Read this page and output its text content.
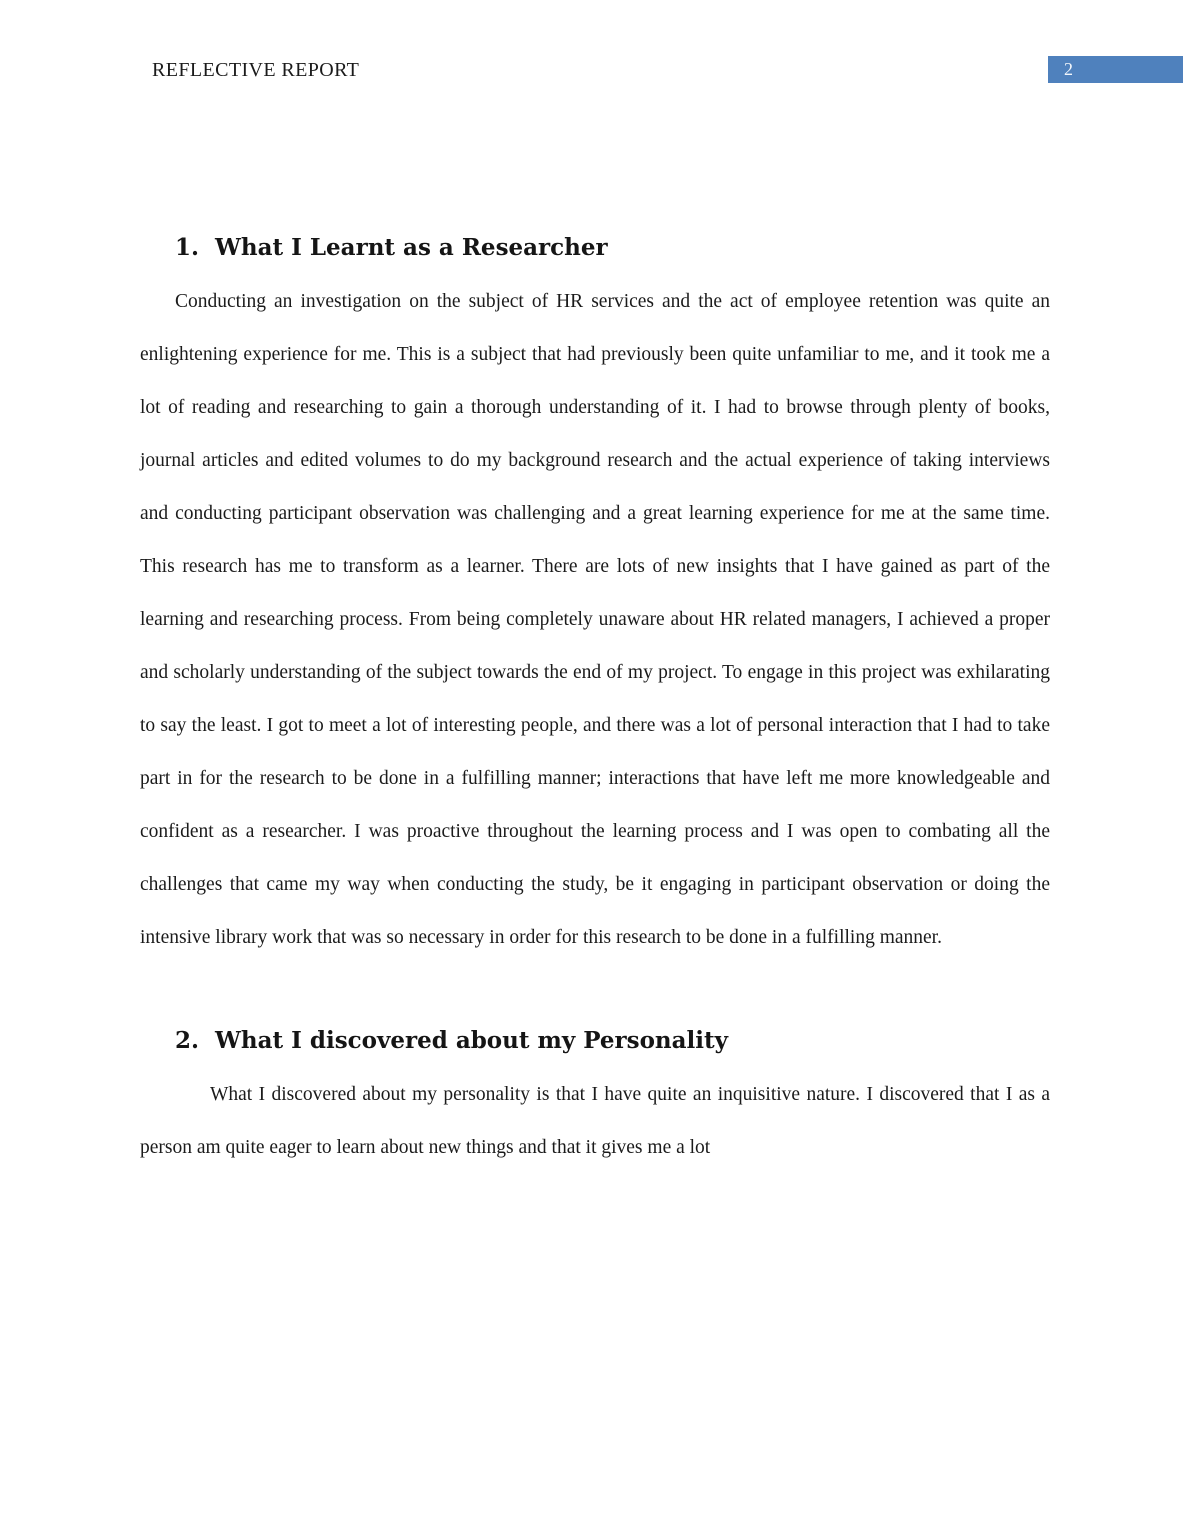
REFLECTIVE REPORT	2
1. What I Learnt as a Researcher

Conducting an investigation on the subject of HR services and the act of employee retention was quite an enlightening experience for me. This is a subject that had previously been quite unfamiliar to me, and it took me a lot of reading and researching to gain a thorough understanding of it. I had to browse through plenty of books, journal articles and edited volumes to do my background research and the actual experience of taking interviews and conducting participant observation was challenging and a great learning experience for me at the same time. This research has me to transform as a learner. There are lots of new insights that I have gained as part of the learning and researching process. From being completely unaware about HR related managers, I achieved a proper and scholarly understanding of the subject towards the end of my project. To engage in this project was exhilarating to say the least. I got to meet a lot of interesting people, and there was a lot of personal interaction that I had to take part in for the research to be done in a fulfilling manner; interactions that have left me more knowledgeable and confident as a researcher. I was proactive throughout the learning process and I was open to combating all the challenges that came my way when conducting the study, be it engaging in participant observation or doing the intensive library work that was so necessary in order for this research to be done in a fulfilling manner.

2. What I discovered about my Personality

What I discovered about my personality is that I have quite an inquisitive nature. I discovered that I as a person am quite eager to learn about new things and that it gives me a lot
